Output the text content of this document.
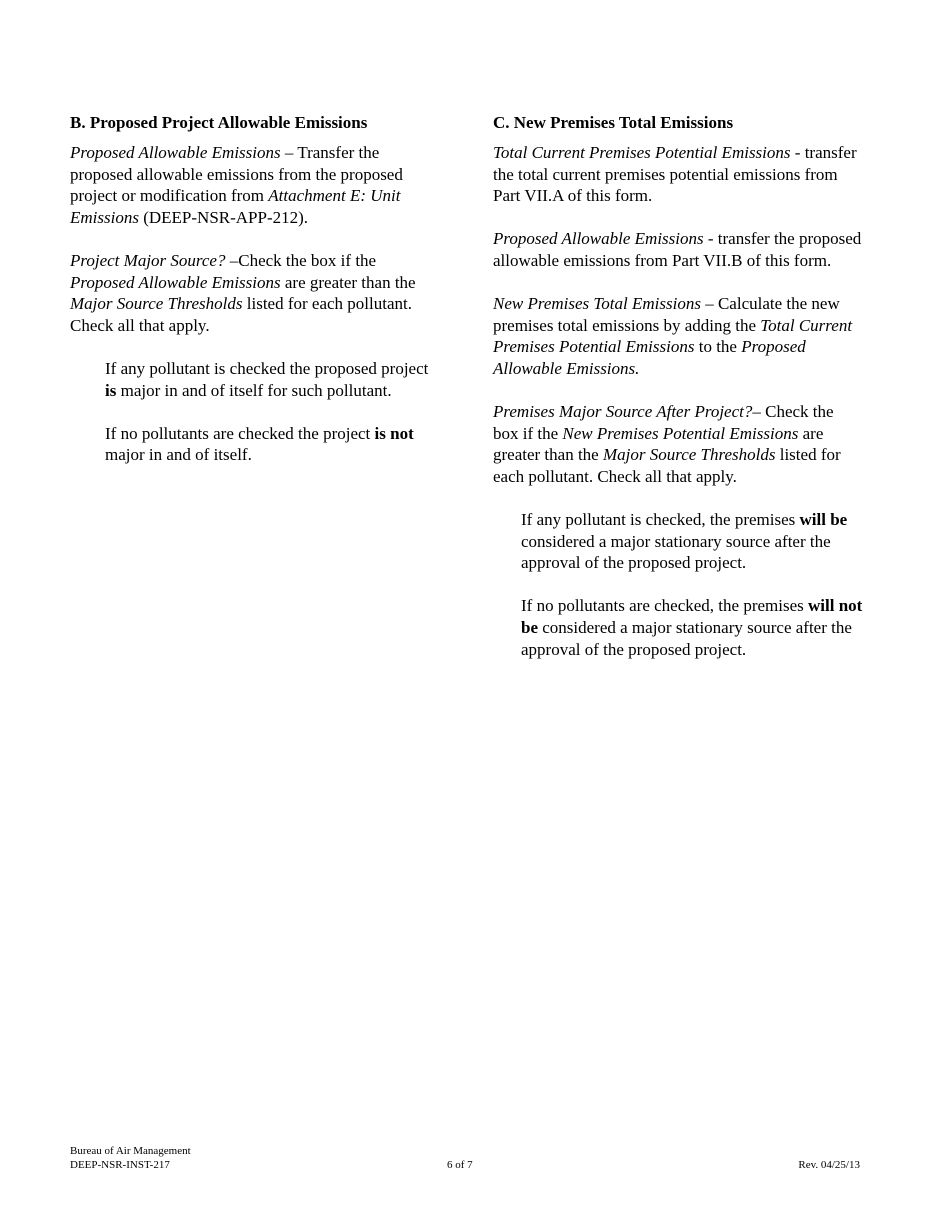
B. Proposed Project Allowable Emissions

Proposed Allowable Emissions – Transfer the proposed allowable emissions from the proposed project or modification from Attachment E: Unit Emissions (DEEP-NSR-APP-212).

Project Major Source? –Check the box if the Proposed Allowable Emissions are greater than the Major Source Thresholds listed for each pollutant. Check all that apply.

If any pollutant is checked the proposed project is major in and of itself for such pollutant.

If no pollutants are checked the project is not major in and of itself.

C. New Premises Total Emissions

Total Current Premises Potential Emissions - transfer the total current premises potential emissions from Part VII.A of this form.

Proposed Allowable Emissions - transfer the proposed allowable emissions from Part VII.B of this form.

New Premises Total Emissions – Calculate the new premises total emissions by adding the Total Current Premises Potential Emissions to the Proposed Allowable Emissions.

Premises Major Source After Project?– Check the box if the New Premises Potential Emissions are greater than the Major Source Thresholds listed for each pollutant. Check all that apply.

If any pollutant is checked, the premises will be considered a major stationary source after the approval of the proposed project.

If no pollutants are checked, the premises will not be considered a major stationary source after the approval of the proposed project.

Bureau of Air Management
DEEP-NSR-INST-217	6 of 7	Rev. 04/25/13
